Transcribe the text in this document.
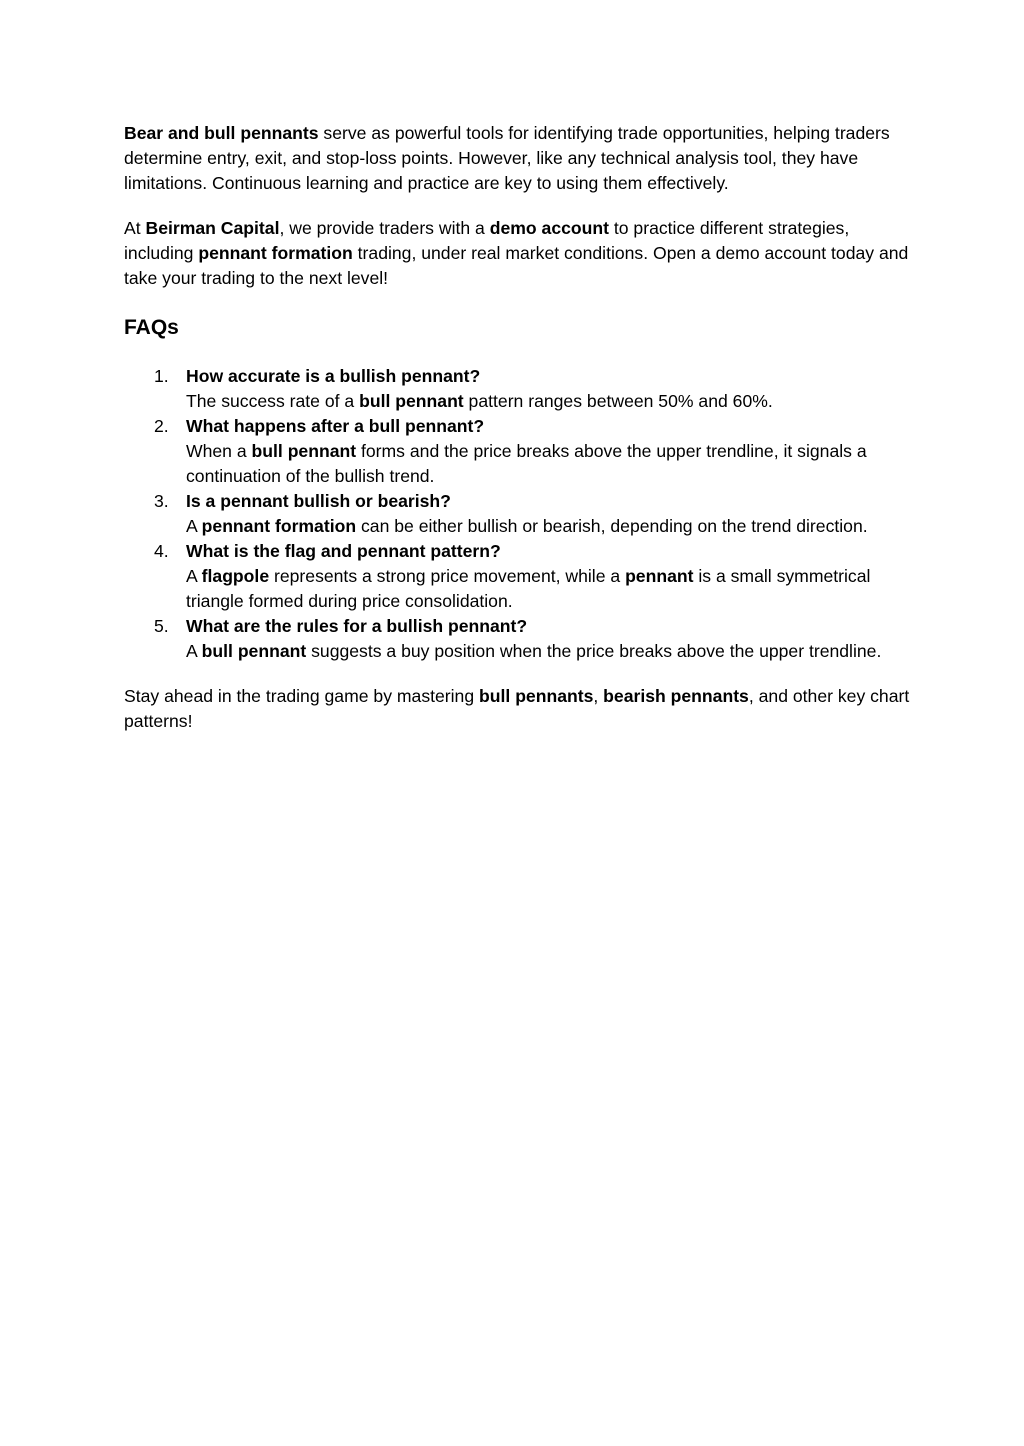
Bear and bull pennants serve as powerful tools for identifying trade opportunities, helping traders determine entry, exit, and stop-loss points. However, like any technical analysis tool, they have limitations. Continuous learning and practice are key to using them effectively.

At Beirman Capital, we provide traders with a demo account to practice different strategies, including pennant formation trading, under real market conditions. Open a demo account today and take your trading to the next level!

FAQs
1. How accurate is a bullish pennant?
The success rate of a bull pennant pattern ranges between 50% and 60%.
2. What happens after a bull pennant?
When a bull pennant forms and the price breaks above the upper trendline, it signals a continuation of the bullish trend.
3. Is a pennant bullish or bearish?
A pennant formation can be either bullish or bearish, depending on the trend direction.
4. What is the flag and pennant pattern?
A flagpole represents a strong price movement, while a pennant is a small symmetrical triangle formed during price consolidation.
5. What are the rules for a bullish pennant?
A bull pennant suggests a buy position when the price breaks above the upper trendline.

Stay ahead in the trading game by mastering bull pennants, bearish pennants, and other key chart patterns!
